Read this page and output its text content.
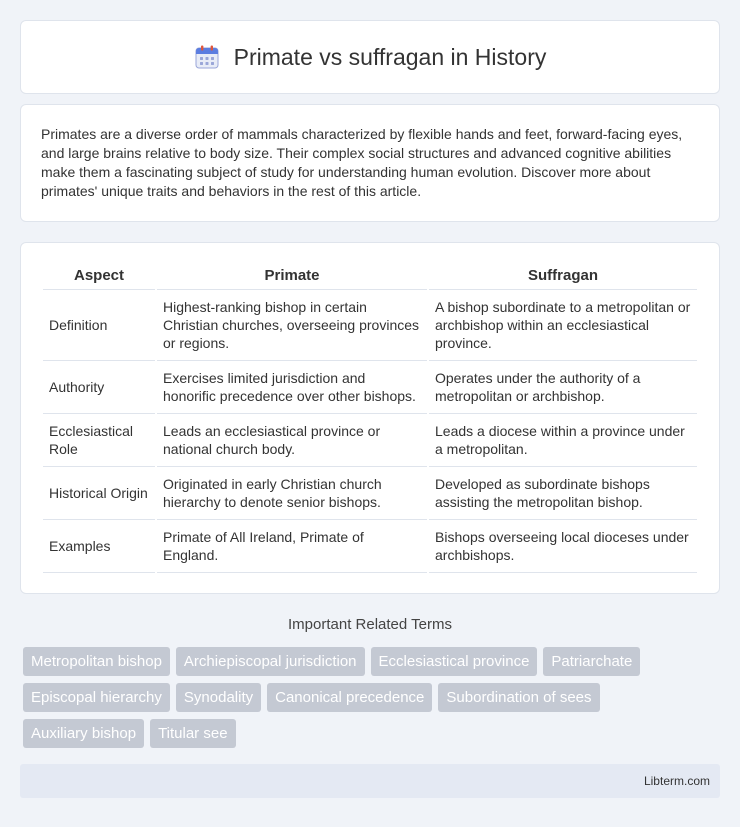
Primate vs suffragan in History

Primates are a diverse order of mammals characterized by flexible hands and feet, forward-facing eyes, and large brains relative to body size. Their complex social structures and advanced cognitive abilities make them a fascinating subject of study for understanding human evolution. Discover more about primates' unique traits and behaviors in the rest of this article.

Aspect	Primate	Suffragan
Definition	Highest-ranking bishop in certain Christian churches, overseeing provinces or regions.	A bishop subordinate to a metropolitan or archbishop within an ecclesiastical province.
Authority	Exercises limited jurisdiction and honorific precedence over other bishops.	Operates under the authority of a metropolitan or archbishop.
Ecclesiastical Role	Leads an ecclesiastical province or national church body.	Leads a diocese within a province under a metropolitan.
Historical Origin	Originated in early Christian church hierarchy to denote senior bishops.	Developed as subordinate bishops assisting the metropolitan bishop.
Examples	Primate of All Ireland, Primate of England.	Bishops overseeing local dioceses under archbishops.
Important Related Terms
Metropolitan bishop	Archiepiscopal jurisdiction	Ecclesiastical province	Patriarchate
Episcopal hierarchy	Synodality	Canonical precedence	Subordination of sees
Auxiliary bishop	Titular see
Libterm.com
